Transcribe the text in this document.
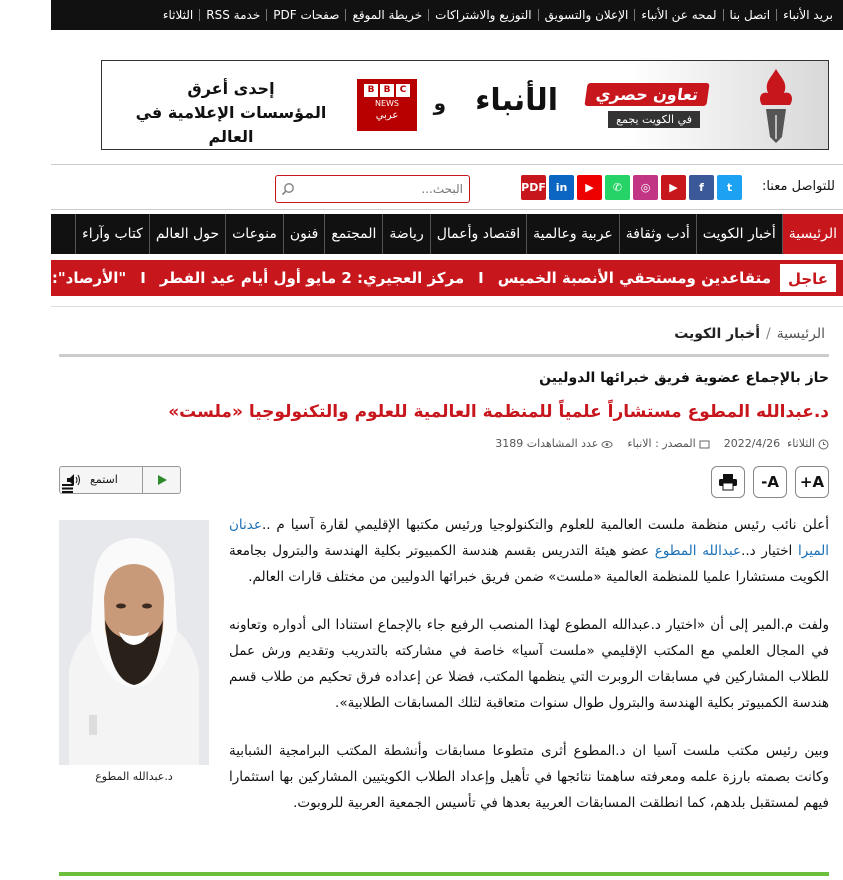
بريد الأنباء
اتصل بنا
لمحه عن الأنباء
الإعلان والتسويق
التوزيع والاشتراكات
خريطة الموقع
صفحات PDF
خدمة RSS
الثلاثاء
تعاون حصري
في الكويت يجمع
الأنباء
و
B	B	C
NEWS
عربي
إحدى أعرق
المؤسسات الإعلامية في العالم
للتواصل معنا:
t
f
▶
◎
✆
▶
in
PDF
البحث...
الرئيسية
أخبار الكويت
أدب وثقافة
عربية وعالمية
اقتصاد وأعمال
رياضة
المجتمع
فنون
منوعات
حول العالم
كتاب وآراء
عاجل
متقاعدين ومستحقي الأنصبة الخميسIمركز العجيري: 2 مايو أول أيام عيد الفطرI"الأرصاد": طقس
الرئيسية/أخبار الكويت
حاز بالإجماع عضوية فريق خبرائها الدوليين
د.عبدالله المطوع مستشاراً علمياً للمنظمة العالمية للعلوم والتكنولوجيا «ملست»
الثلاثاء  2022/4/26
المصدر : الانباء
عدد المشاهدات 3189
A+
A-
استمع
د.عبدالله المطوع

أعلن نائب رئيس منظمة ملست العالمية للعلوم والتكنولوجيا ورئيس مكتبها الإقليمي لقارة آسيا م ..عدنان الميرا اختيار د..عبدالله المطوع عضو هيئة التدريس بقسم هندسة الكمبيوتر بكلية الهندسة والبترول بجامعة الكويت مستشارا علميا للمنظمة العالمية «ملست» ضمن فريق خبرائها الدوليين من مختلف قارات العالم.

ولفت م.المير إلى أن «اختيار د.عبدالله المطوع لهذا المنصب الرفيع جاء بالإجماع استنادا الى أدواره وتعاونه في المجال العلمي مع المكتب الإقليمي «ملست آسيا» خاصة في مشاركته بالتدريب وتقديم ورش عمل للطلاب المشاركين في مسابقات الروبرت التي ينظمها المكتب، فضلا عن إعداده فرق تحكيم من طلاب قسم هندسة الكمبيوتر بكلية الهندسة والبترول طوال سنوات متعاقبة لتلك المسابقات الطلابية».

وبين رئيس مكتب ملست آسيا ان د.المطوع أثرى متطوعا مسابقات وأنشطة المكتب البرامجية الشبابية وكانت بصمته بارزة علمه ومعرفته ساهمتا نتائجها في تأهيل وإعداد الطلاب الكويتيين المشاركين بها استثمارا فيهم لمستقبل بلدهم، كما انطلقت المسابقات العربية بعدها في تأسيس الجمعية العربية للروبوت.
